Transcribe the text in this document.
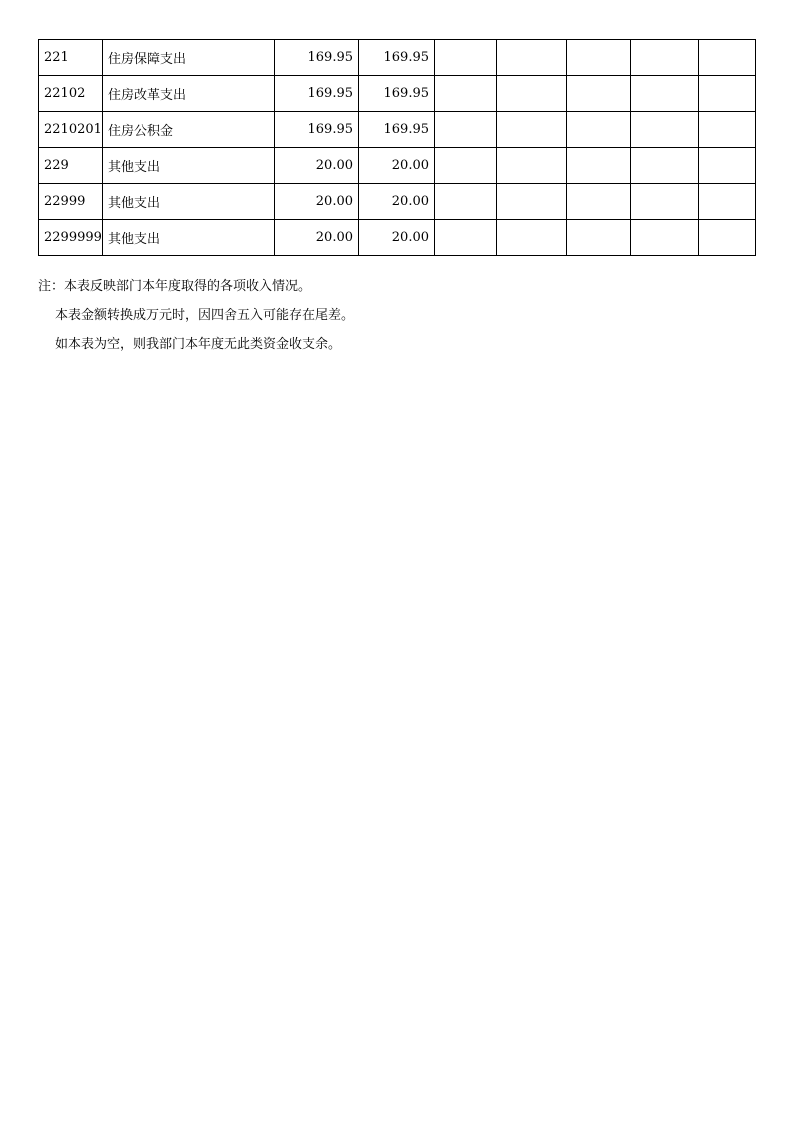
221	住房保障支出	169.95	169.95					
22102	住房改革支出	169.95	169.95					
2210201	住房公积金	169.95	169.95					
229	其他支出	20.00	20.00					
22999	其他支出	20.00	20.00					
2299999	其他支出	20.00	20.00					
注：本表反映部门本年度取得的各项收入情况。
本表金额转换成万元时，因四舍五入可能存在尾差。
如本表为空，则我部门本年度无此类资金收支余。
